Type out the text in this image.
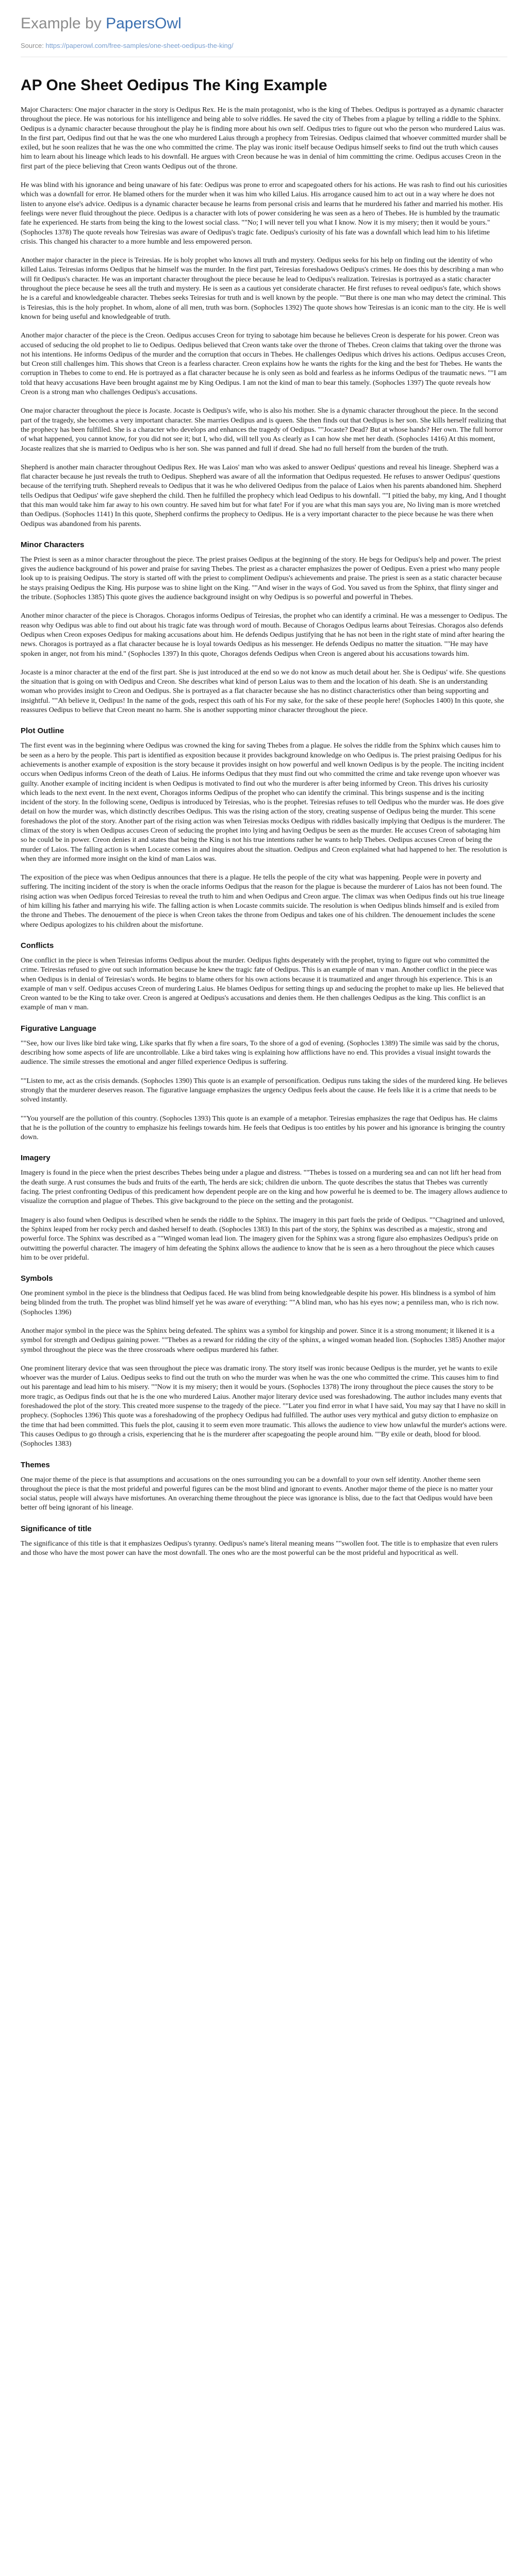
Example by PapersOwl
Source: https://paperowl.com/free-samples/one-sheet-oedipus-the-king/
AP One Sheet Oedipus The King Example

Major Characters: One major character in the story is Oedipus Rex. He is the main protagonist, who is the king of Thebes. Oedipus is portrayed as a dynamic character throughout the piece. He was notorious for his intelligence and being able to solve riddles. He saved the city of Thebes from a plague by telling a riddle to the Sphinx. Oedipus is a dynamic character because throughout the play he is finding more about his own self. Oedipus tries to figure out who the person who murdered Laius was. In the first part, Oedipus find out that he was the one who murdered Laius through a prophecy from Teiresias. Oedipus claimed that whoever committed murder shall be exiled, but he soon realizes that he was the one who committed the crime. The play was ironic itself because Oedipus himself seeks to find out the truth which causes him to learn about his lineage which leads to his downfall. He argues with Creon because he was in denial of him committing the crime. Oedipus accuses Creon in the first part of the piece believing that Creon wants Oedipus out of the throne.

He was blind with his ignorance and being unaware of his fate: Oedipus was prone to error and scapegoated others for his actions. He was rash to find out his curiosities which was a downfall for error. He blamed others for the murder when it was him who killed Laius. His arrogance caused him to act out in a way where he does not listen to anyone else's advice. Oedipus is a dynamic character because he learns from personal crisis and learns that he murdered his father and married his mother. His feelings were never fluid throughout the piece. Oedipus is a character with lots of power considering he was seen as a hero of Thebes. He is humbled by the traumatic fate he experienced. He starts from being the king to the lowest social class. ""No; I will never tell you what I know. Now it is my misery; then it would be yours." (Sophocles 1378) The quote reveals how Teiresias was aware of Oedipus's tragic fate. Oedipus's curiosity of his fate was a downfall which lead him to his lifetime crisis. This changed his character to a more humble and less empowered person.

Another major character in the piece is Teiresias. He is holy prophet who knows all truth and mystery. Oedipus seeks for his help on finding out the identity of who killed Laius. Teiresias informs Oedipus that he himself was the murder. In the first part, Teiresias foreshadows Oedipus's crimes. He does this by describing a man who will fit Oedipus's character. He was an important character throughout the piece because he lead to Oedipus's realization. Teiresias is portrayed as a static character throughout the piece because he sees all the truth and mystery. He is seen as a cautious yet considerate character. He first refuses to reveal oedipus's fate, which shows he is a careful and knowledgeable character. Thebes seeks Teiresias for truth and is well known by the people. ""But there is one man who may detect the criminal. This is Teiresias, this is the holy prophet. In whom, alone of all men, truth was born. (Sophocles 1392) The quote shows how Teiresias is an iconic man to the city. He is well known for being useful and knowledgeable of truth.

Another major character of the piece is the Creon. Oedipus accuses Creon for trying to sabotage him because he believes Creon is desperate for his power. Creon was accused of seducing the old prophet to lie to Oedipus. Oedipus believed that Creon wants take over the throne of Thebes. Creon claims that taking over the throne was not his intentions. He informs Oedipus of the murder and the corruption that occurs in Thebes. He challenges Oedipus which drives his actions. Oedipus accuses Creon, but Creon still challenges him. This shows that Creon is a fearless character. Creon explains how he wants the rights for the king and the best for Thebes. He wants the corruption in Thebes to come to end. He is portrayed as a flat character because he is only seen as bold and fearless as he informs Oedipus of the traumatic news. ""I am told that heavy accusations Have been brought against me by King Oedipus. I am not the kind of man to bear this tamely. (Sophocles 1397) The quote reveals how Creon is a strong man who challenges Oedipus's accusations.

One major character throughout the piece is Jocaste. Jocaste is Oedipus's wife, who is also his mother. She is a dynamic character throughout the piece. In the second part of the tragedy, she becomes a very important character. She marries Oedipus and is queen. She then finds out that Oedipus is her son. She kills herself realizing that the prophecy has been fulfilled. She is a character who develops and enhances the tragedy of Oedipus. ""Jocaste? Dead? But at whose hands? Her own. The full horror of what happened, you cannot know, for you did not see it; but I, who did, will tell you As clearly as I can how she met her death. (Sophocles 1416) At this moment, Jocaste realizes that she is married to Oedipus who is her son. She was panned and full if dread. She had no full herself from the burden of the truth.

Shepherd is another main character throughout Oedipus Rex. He was Laios' man who was asked to answer Oedipus' questions and reveal his lineage. Shepherd was a flat character because he just reveals the truth to Oedipus. Shepherd was aware of all the information that Oedipus requested. He refuses to answer Oedipus' questions because of the terrifying truth. Shepherd reveals to Oedipus that it was he who delivered Oedipus from the palace of Laios when his parents abandoned him. Shepherd tells Oedipus that Oedipus' wife gave shepherd the child. Then he fulfilled the prophecy which lead Oedipus to his downfall. ""I pitied the baby, my king, And I thought that this man would take him far away to his own country. He saved him but for what fate! For if you are what this man says you are, No living man is more wretched than Oedipus. (Sophocles 1141) In this quote, Shepherd confirms the prophecy to Oedipus. He is a very important character to the piece because he was there when Oedipus was abandoned from his parents.

Minor Characters

The Priest is seen as a minor character throughout the piece. The priest praises Oedipus at the beginning of the story. He begs for Oedipus's help and power. The priest gives the audience background of his power and praise for saving Thebes. The priest as a character emphasizes the power of Oedipus. Even a priest who many people look up to is praising Oedipus. The story is started off with the priest to compliment Oedipus's achievements and praise. The priest is seen as a static character because he stays praising Oedipus the King. His purpose was to shine light on the King. ""And wiser in the ways of God. You saved us from the Sphinx, that flinty singer and the tribute. (Sophocles 1385) This quote gives the audience background insight on why Oedipus is so powerful and powerful in Thebes.

Another minor character of the piece is Choragos. Choragos informs Oedipus of Teiresias, the prophet who can identify a criminal. He was a messenger to Oedipus. The reason why Oedipus was able to find out about his tragic fate was through word of mouth. Because of Choragos Oedipus learns about Teiresias. Choragos also defends Oedipus when Creon exposes Oedipus for making accusations about him. He defends Oedipus justifying that he has not been in the right state of mind after hearing the news. Choragos is portrayed as a flat character because he is loyal towards Oedipus as his messenger. He defends Oedipus no matter the situation. ""He may have spoken in anger, not from his mind." (Sophocles 1397) In this quote, Choragos defends Oedipus when Creon is angered about his accusations towards him.

Jocaste is a minor character at the end of the first part. She is just introduced at the end so we do not know as much detail about her. She is Oedipus' wife. She questions the situation that is going on with Oedipus and Creon. She describes what kind of person Laius was to them and the location of his death. She is an understanding woman who provides insight to Creon and Oedipus. She is portrayed as a flat character because she has no distinct characteristics other than being supporting and insightful. ""Ah believe it, Oedipus! In the name of the gods, respect this oath of his For my sake, for the sake of these people here! (Sophocles 1400) In this quote, she reassures Oedipus to believe that Creon meant no harm. She is another supporting minor character throughout the piece.

Plot Outline

The first event was in the beginning where Oedipus was crowned the king for saving Thebes from a plague. He solves the riddle from the Sphinx which causes him to be seen as a hero by the people. This part is identified as exposition because it provides background knowledge on who Oedipus is. The priest praising Oedipus for his achievements is another example of exposition is the story because it provides insight on how powerful and well known Oedipus is by the people. The inciting incident occurs when Oedipus informs Creon of the death of Laius. He informs Oedipus that they must find out who committed the crime and take revenge upon whoever was guilty. Another example of inciting incident is when Oedipus is motivated to find out who the murderer is after being informed by Creon. This drives his curiosity which leads to the next event. In the next event, Choragos informs Oedipus of the prophet who can identify the criminal. This brings suspense and is the inciting incident of the story. In the following scene, Oedipus is introduced by Teiresias, who is the prophet. Teiresias refuses to tell Oedipus who the murder was. He does give detail on how the murder was, which distinctly describes Oedipus. This was the rising action of the story, creating suspense of Oedipus being the murder. This scene foreshadows the plot of the story. Another part of the rising action was when Teiresias mocks Oedipus with riddles basically implying that Oedipus is the murderer. The climax of the story is when Oedipus accuses Creon of seducing the prophet into lying and having Oedipus be seen as the murder. He accuses Creon of sabotaging him so he could be in power. Creon denies it and states that being the King is not his true intentions rather he wants to help Thebes. Oedipus accuses Creon of being the murder of Laios. The falling action is when Locaste comes in and inquires about the situation. Oedipus and Creon explained what had happened to her. The resolution is when they are informed more insight on the kind of man Laios was.

The exposition of the piece was when Oedipus announces that there is a plague. He tells the people of the city what was happening. People were in poverty and suffering. The inciting incident of the story is when the oracle informs Oedipus that the reason for the plague is because the murderer of Laios has not been found. The rising action was when Oedipus forced Teiresias to reveal the truth to him and when Oedipus and Creon argue. The climax was when Oedipus finds out his true lineage of him killing his father and marrying his wife. The falling action is when Locaste commits suicide. The resolution is when Oedipus blinds himself and is exiled from the throne and Thebes. The denouement of the piece is when Creon takes the throne from Oedipus and takes one of his children. The denouement includes the scene where Oedipus apologizes to his children about the misfortune.

Conflicts

One conflict in the piece is when Teiresias informs Oedipus about the murder. Oedipus fights desperately with the prophet, trying to figure out who committed the crime. Teiresias refused to give out such information because he knew the tragic fate of Oedipus. This is an example of man v man. Another conflict in the piece was when Oedipus is in denial of Teiresias's words. He begins to blame others for his own actions because it is traumatized and anger through his experience. This is an example of man v self. Oedipus accuses Creon of murdering Laius. He blames Oedipus for setting things up and seducing the prophet to make up lies. He believed that Creon wanted to be the King to take over. Creon is angered at Oedipus's accusations and denies them. He then challenges Oedipus as the king. This conflict is an example of man v man.

Figurative Language

""See, how our lives like bird take wing, Like sparks that fly when a fire soars, To the shore of a god of evening. (Sophocles 1389) The simile was said by the chorus, describing how some aspects of life are uncontrollable. Like a bird takes wing is explaining how afflictions have no end. This provides a visual insight towards the audience. The simile stresses the emotional and anger filled experience Oedipus is suffering.

""Listen to me, act as the crisis demands. (Sophocles 1390) This quote is an example of personification. Oedipus runs taking the sides of the murdered king. He believes strongly that the murderer deserves reason. The figurative language emphasizes the urgency Oedipus feels about the cause. He feels like it is a crime that needs to be solved instantly.

""You yourself are the pollution of this country. (Sophocles 1393) This quote is an example of a metaphor. Teiresias emphasizes the rage that Oedipus has. He claims that he is the pollution of the country to emphasize his feelings towards him. He feels that Oedipus is too entitles by his power and his ignorance is bringing the country down.

Imagery

Imagery is found in the piece when the priest describes Thebes being under a plague and distress. ""Thebes is tossed on a murdering sea and can not lift her head from the death surge. A rust consumes the buds and fruits of the earth, The herds are sick; children die unborn. The quote describes the status that Thebes was currently facing. The priest confronting Oedipus of this predicament how dependent people are on the king and how powerful he is deemed to be. The imagery allows audience to visualize the corruption and plague of Thebes. This give background to the piece on the setting and the protagonist.

Imagery is also found when Oedipus is described when he sends the riddle to the Sphinx. The imagery in this part fuels the pride of Oedipus. ""Chagrined and unloved, the Sphinx leaped from her rocky perch and dashed herself to death. (Sophocles 1383) In this part of the story, the Sphinx was described as a majestic, strong and powerful force. The Sphinx was described as a ""Winged woman lead lion. The imagery given for the Sphinx was a strong figure also emphasizes Oedipus's pride on outwitting the powerful character. The imagery of him defeating the Sphinx allows the audience to know that he is seen as a hero throughout the piece which causes him to be over prideful.

Symbols

One prominent symbol in the piece is the blindness that Oedipus faced. He was blind from being knowledgeable despite his power. His blindness is a symbol of him being blinded from the truth. The prophet was blind himself yet he was aware of everything: ""A blind man, who has his eyes now; a penniless man, who is rich now. (Sophocles 1396)

Another major symbol in the piece was the Sphinx being defeated. The sphinx was a symbol for kingship and power. Since it is a strong monument; it likened it is a symbol for strength and Oedipus gaining power. ""Thebes as a reward for ridding the city of the sphinx, a winged woman headed lion. (Sophocles 1385) Another major symbol throughout the piece was the three crossroads where oedipus murdered his father.

One prominent literary device that was seen throughout the piece was dramatic irony. The story itself was ironic because Oedipus is the murder, yet he wants to exile whoever was the murder of Laius. Oedipus seeks to find out the truth on who the murder was when he was the one who committed the crime. This causes him to find out his parentage and lead him to his misery. ""Now it is my misery; then it would be yours. (Sophocles 1378) The irony throughout the piece causes the story to be more tragic, as Oedipus finds out that he is the one who murdered Laius. Another major literary device used was foreshadowing. The author includes many events that foreshadowed the plot of the story. This created more suspense to the tragedy of the piece. ""Later you find error in what I have said, You may say that I have no skill in prophecy. (Sophocles 1396) This quote was a foreshadowing of the prophecy Oedipus had fulfilled. The author uses very mythical and gutsy diction to emphasize on the time that had been committed. This fuels the plot, causing it to seem even more traumatic. This allows the audience to view how unlawful the murder's actions were. This causes Oedipus to go through a crisis, experiencing that he is the murderer after scapegoating the people around him. ""By exile or death, blood for blood. (Sophocles 1383)

Themes

One major theme of the piece is that assumptions and accusations on the ones surrounding you can be a downfall to your own self identity. Another theme seen throughout the piece is that the most prideful and powerful figures can be the most blind and ignorant to events. Another major theme of the piece is no matter your social status, people will always have misfortunes. An overarching theme throughout the piece was ignorance is bliss, due to the fact that Oedipus would have been better off being ignorant of his lineage.

Significance of title

The significance of this title is that it emphasizes Oedipus's tyranny. Oedipus's name's literal meaning means ""swollen foot. The title is to emphasize that even rulers and those who have the most power can have the most downfall. The ones who are the most powerful can be the most prideful and hypocritical as well.
